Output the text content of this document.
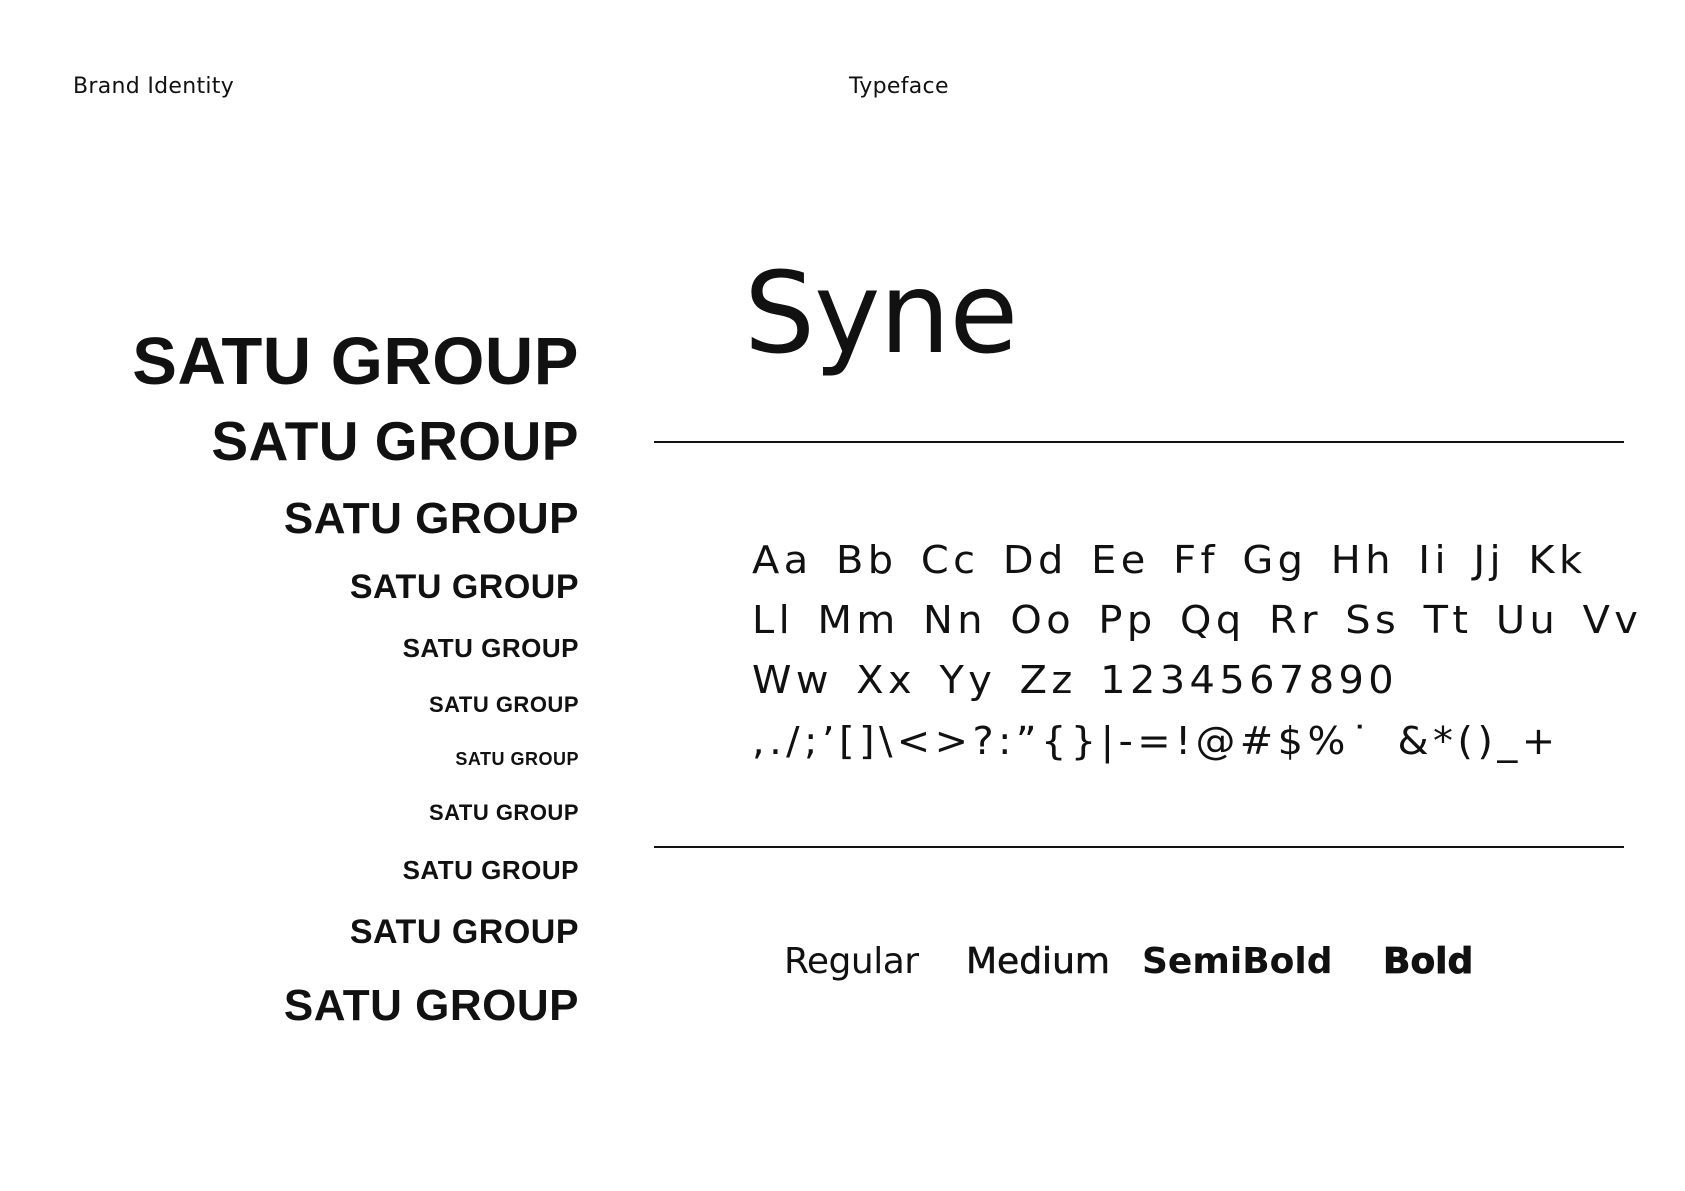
Brand Identity	Typeface
SATU GROUP
SATU GROUP
SATU GROUP
SATU GROUP
SATU GROUP
SATU GROUP
SATU GROUP
SATU GROUP
SATU GROUP
SATU GROUP
SATU GROUP
Syne
Aa Bb Cc Dd Ee Ff Gg Hh Ii Jj Kk
Ll Mm Nn Oo Pp Qq Rr Ss Tt Uu Vv
Ww Xx Yy Zz 1234567890
,./;’[]\<>?:”{}|-=!@#$%˙ &*()_+
Regular Medium SemiBold Bold
